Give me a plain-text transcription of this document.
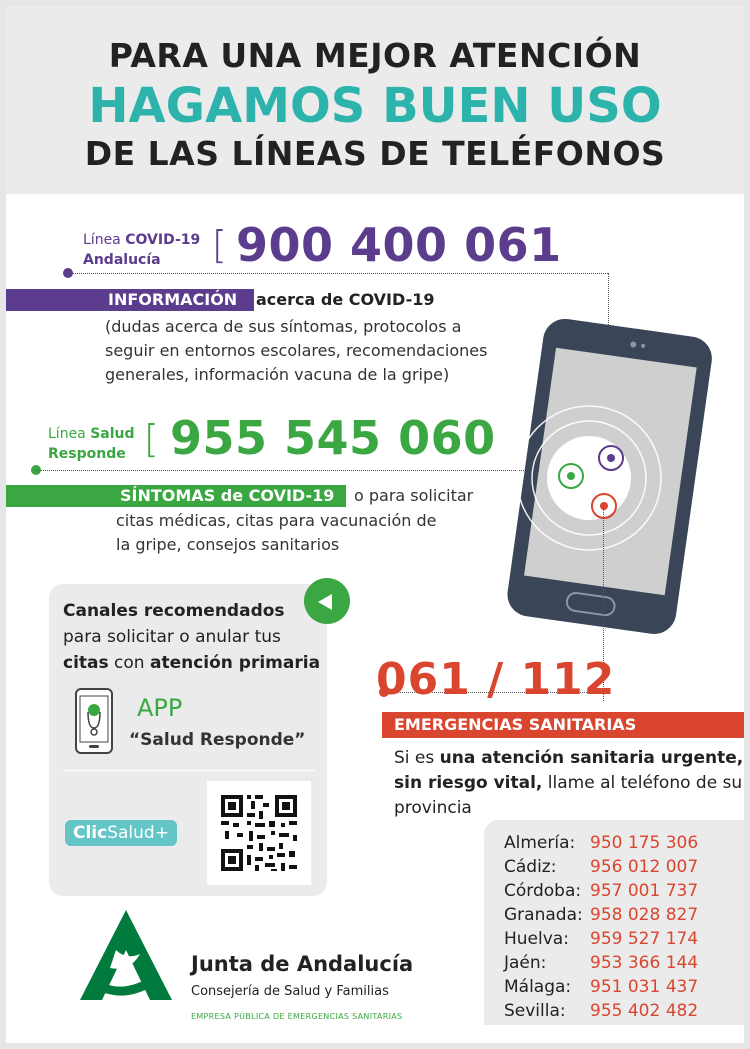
PARA UNA MEJOR ATENCIÓN
HAGAMOS BUEN USO
DE LAS LÍNEAS DE TELÉFONOS
Línea COVID-19
Andalucía	[ 900 400 061
INFORMACIÓN	acerca de COVID-19
(dudas acerca de sus síntomas, protocolos a
seguir en entornos escolares, recomendaciones
generales, información vacuna de la gripe)
Línea Salud
Responde [ 955 545 060
SÍNTOMAS de COVID-19	o para solicitar
citas médicas, citas para vacunación de
la gripe, consejos sanitarios
Canales recomendados
para solicitar o anular tus
citas con atención primaria
APP
“Salud Responde”
ClicSalud+
061 / 112
EMERGENCIAS SANITARIAS
Si es una atención sanitaria urgente, sin riesgo vital, llame al teléfono de su provincia
Almería: 950 175 306
Cádiz: 956 012 007
Córdoba: 957 001 737
Granada: 958 028 827
Huelva: 959 527 174
Jaén:	953 366 144
Málaga: 951 031 437
Sevilla: 955 402 482
Junta de Andalucía
Consejería de Salud y Familias
EMPRESA PÚBLICA DE EMERGENCIAS SANITARIAS
